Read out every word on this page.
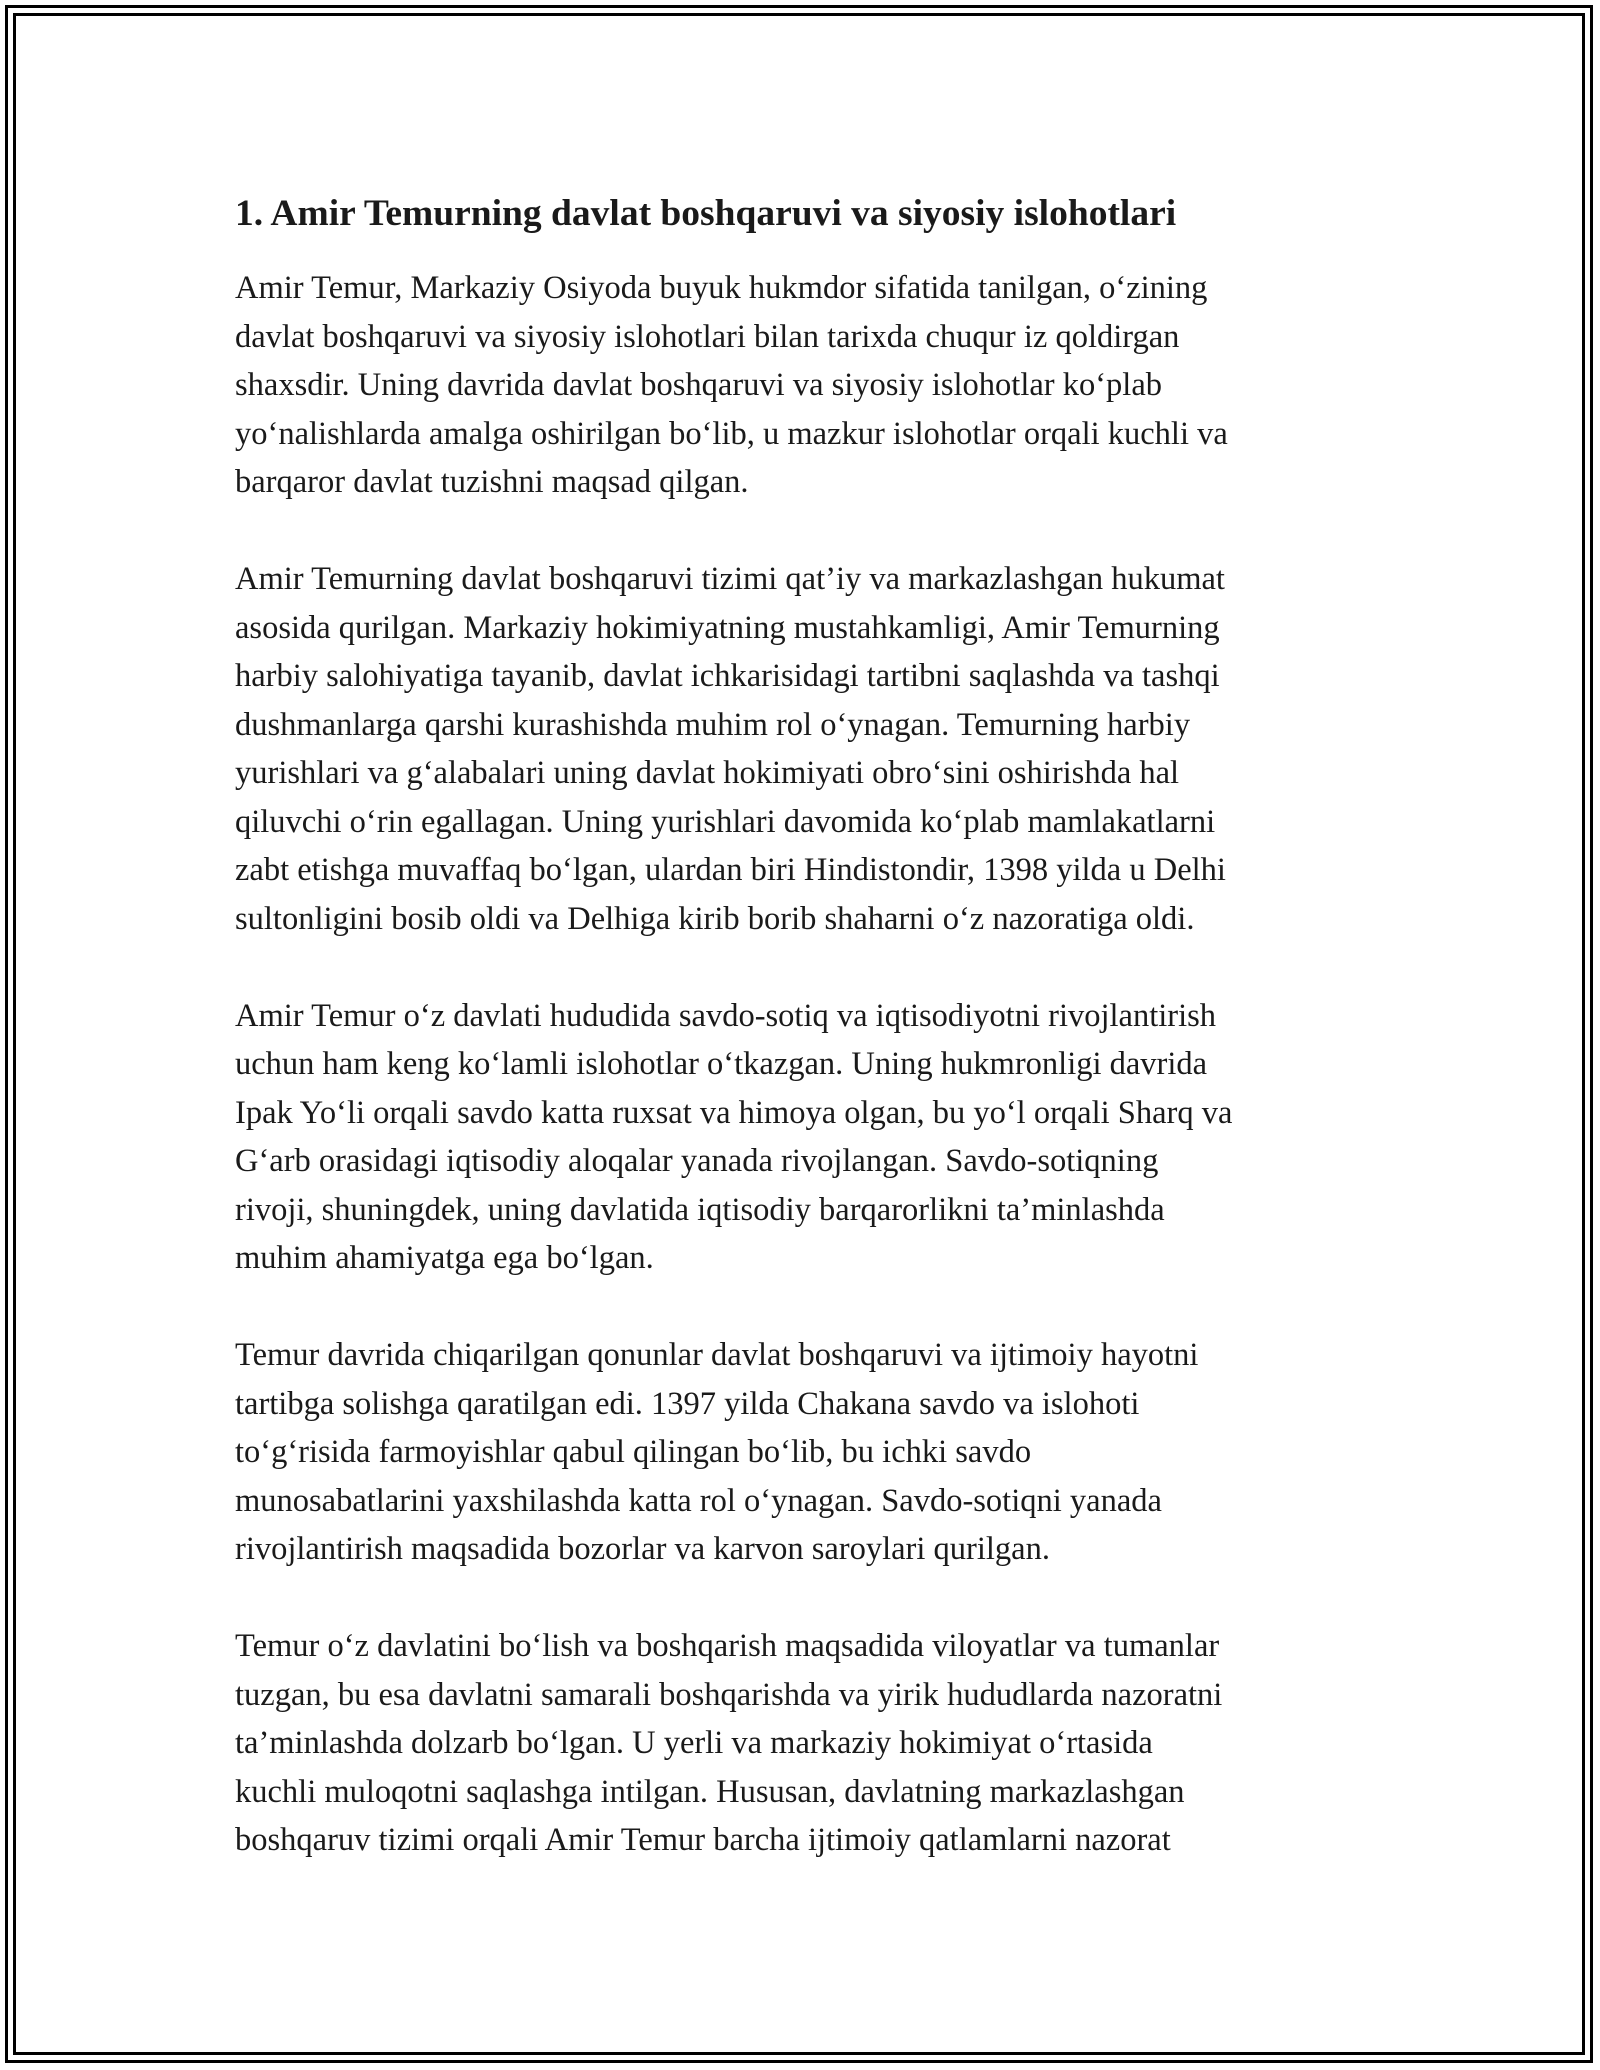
1. Amir Temurning davlat boshqaruvi va siyosiy islohotlari
Amir Temur, Markaziy Osiyoda buyuk hukmdor sifatida tanilgan, o‘zining
davlat boshqaruvi va siyosiy islohotlari bilan tarixda chuqur iz qoldirgan
shaxsdir. Uning davrida davlat boshqaruvi va siyosiy islohotlar ko‘plab
yo‘nalishlarda amalga oshirilgan bo‘lib, u mazkur islohotlar orqali kuchli va
barqaror davlat tuzishni maqsad qilgan.
Amir Temurning davlat boshqaruvi tizimi qat’iy va markazlashgan hukumat
asosida qurilgan. Markaziy hokimiyatning mustahkamligi, Amir Temurning
harbiy salohiyatiga tayanib, davlat ichkarisidagi tartibni saqlashda va tashqi
dushmanlarga qarshi kurashishda muhim rol o‘ynagan. Temurning harbiy
yurishlari va g‘alabalari uning davlat hokimiyati obro‘sini oshirishda hal
qiluvchi o‘rin egallagan. Uning yurishlari davomida ko‘plab mamlakatlarni
zabt etishga muvaffaq bo‘lgan, ulardan biri Hindistondir, 1398 yilda u Delhi
sultonligini bosib oldi va Delhiga kirib borib shaharni o‘z nazoratiga oldi.
Amir Temur o‘z davlati hududida savdo-sotiq va iqtisodiyotni rivojlantirish
uchun ham keng ko‘lamli islohotlar o‘tkazgan. Uning hukmronligi davrida
Ipak Yo‘li orqali savdo katta ruxsat va himoya olgan, bu yo‘l orqali Sharq va
G‘arb orasidagi iqtisodiy aloqalar yanada rivojlangan. Savdo-sotiqning
rivoji, shuningdek, uning davlatida iqtisodiy barqarorlikni ta’minlashda
muhim ahamiyatga ega bo‘lgan.
Temur davrida chiqarilgan qonunlar davlat boshqaruvi va ijtimoiy hayotni
tartibga solishga qaratilgan edi. 1397 yilda Chakana savdo va islohoti
to‘g‘risida farmoyishlar qabul qilingan bo‘lib, bu ichki savdo
munosabatlarini yaxshilashda katta rol o‘ynagan. Savdo-sotiqni yanada
rivojlantirish maqsadida bozorlar va karvon saroylari qurilgan.
Temur o‘z davlatini bo‘lish va boshqarish maqsadida viloyatlar va tumanlar
tuzgan, bu esa davlatni samarali boshqarishda va yirik hududlarda nazoratni
ta’minlashda dolzarb bo‘lgan. U yerli va markaziy hokimiyat o‘rtasida
kuchli muloqotni saqlashga intilgan. Hususan, davlatning markazlashgan
boshqaruv tizimi orqali Amir Temur barcha ijtimoiy qatlamlarni nazorat
